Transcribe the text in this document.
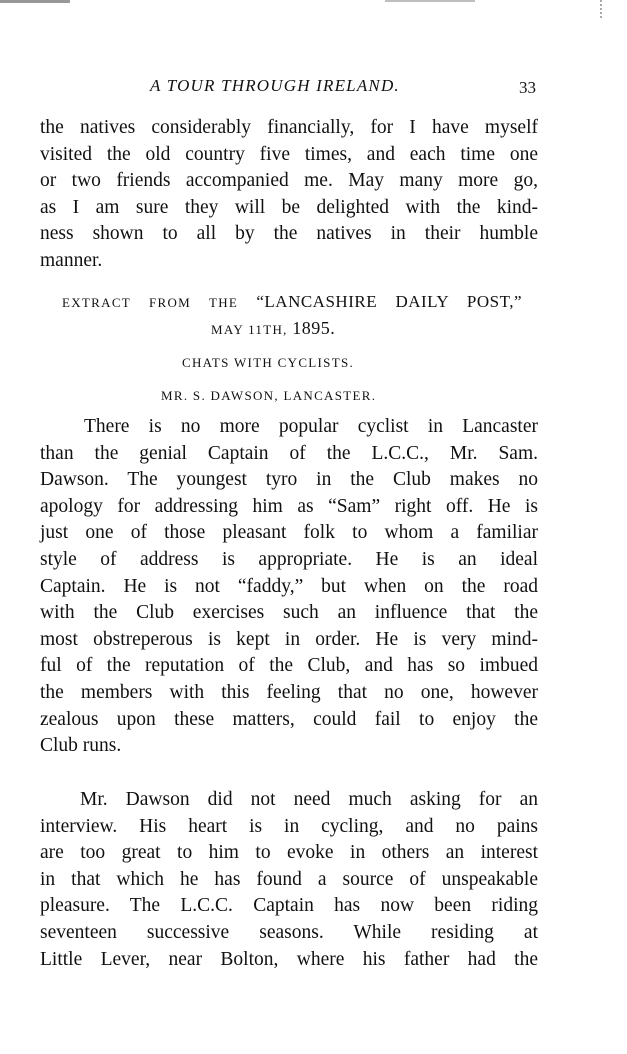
A TOUR THROUGH IRELAND.	33
the natives considerably financially, for I have myself
visited the old country five times, and each time one
or two friends accompanied me. May many more go,
as I am sure they will be delighted with the kind-
ness shown to all by the natives in their humble
manner.
EXTRACT FROM THE “LANCASHIRE DAILY POST,”
MAY 11TH, 1895.
CHATS WITH CYCLISTS.
MR. S. DAWSON, LANCASTER.
There is no more popular cyclist in Lancaster
than the genial Captain of the L.C.C., Mr. Sam.
Dawson. The youngest tyro in the Club makes no
apology for addressing him as “Sam” right off. He is
just one of those pleasant folk to whom a familiar
style of address is appropriate. He is an ideal
Captain. He is not “faddy,” but when on the road
with the Club exercises such an influence that the
most obstreperous is kept in order. He is very mind-
ful of the reputation of the Club, and has so imbued
the members with this feeling that no one, however
zealous upon these matters, could fail to enjoy the
Club runs.
Mr. Dawson did not need much asking for an
interview. His heart is in cycling, and no pains
are too great to him to evoke in others an interest
in that which he has found a source of unspeakable
pleasure. The L.C.C. Captain has now been riding
seventeen successive seasons. While residing at
Little Lever, near Bolton, where his father had the
